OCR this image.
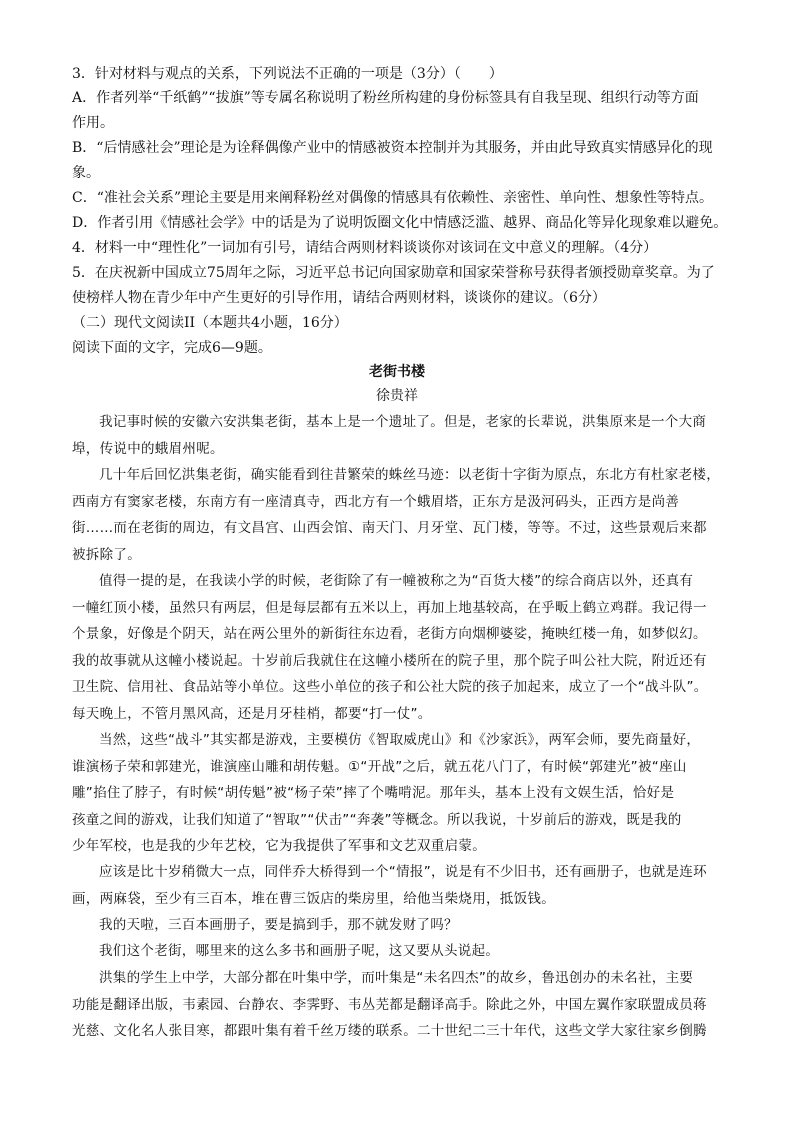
3．针对材料与观点的关系，下列说法不正确的一项是（3分）（　　）

A．作者列举“千纸鹤”“拔旗”等专属名称说明了粉丝所构建的身份标签具有自我呈现、组织行动等方面
作用。

B．“后情感社会”理论是为诠释偶像产业中的情感被资本控制并为其服务，并由此导致真实情感异化的现
象。

C．“准社会关系”理论主要是用来阐释粉丝对偶像的情感具有依赖性、亲密性、单向性、想象性等特点。

D．作者引用《情感社会学》中的话是为了说明饭圈文化中情感泛滥、越界、商品化等异化现象难以避免。

4．材料一中“理性化”一词加有引号，请结合两则材料谈谈你对该词在文中意义的理解。（4分）

5．在庆祝新中国成立75周年之际，习近平总书记向国家勋章和国家荣誉称号获得者颁授勋章奖章。为了
使榜样人物在青少年中产生更好的引导作用，请结合两则材料，谈谈你的建议。（6分）

（二）现代文阅读II（本题共4小题，16分）

阅读下面的文字，完成6—9题。

老街书楼

徐贵祥

我记事时候的安徽六安洪集老街，基本上是一个遗址了。但是，老家的长辈说，洪集原来是一个大商
埠，传说中的蛾眉州呢。
几十年后回忆洪集老街，确实能看到往昔繁荣的蛛丝马迹：以老街十字街为原点，东北方有杜家老楼，
西南方有窦家老楼，东南方有一座清真寺，西北方有一个蛾眉塔，正东方是汲河码头，正西方是尚善
街……而在老街的周边，有文昌宫、山西会馆、南天门、月牙堂、瓦门楼，等等。不过，这些景观后来都
被拆除了。
值得一提的是，在我读小学的时候，老街除了有一幢被称之为“百货大楼”的综合商店以外，还真有
一幢红顶小楼，虽然只有两层，但是每层都有五米以上，再加上地基较高，在乎畈上鹤立鸡群。我记得一
个景象，好像是个阴天，站在两公里外的新街往东边看，老街方向烟柳婆娑，掩映红楼一角，如梦似幻。
我的故事就从这幢小楼说起。十岁前后我就住在这幢小楼所在的院子里，那个院子叫公社大院，附近还有
卫生院、信用社、食品站等小单位。这些小单位的孩子和公社大院的孩子加起来，成立了一个“战斗队”。
每天晚上，不管月黑风高，还是月牙桂梢，都要“打一仗”。
当然，这些“战斗”其实都是游戏，主要模仿《智取威虎山》和《沙家浜》，两军会师，要先商量好，
谁演杨子荣和郭建光，谁演座山雕和胡传魁。①“开战”之后，就五花八门了，有时候“郭建光”被“座山
雕”掐住了脖子，有时候“胡传魁”被“杨子荣”摔了个嘴啃泥。那年头，基本上没有文娱生活，恰好是
孩童之间的游戏，让我们知道了“智取”“伏击”“奔袭”等概念。所以我说，十岁前后的游戏，既是我的
少年军校，也是我的少年艺校，它为我提供了军事和文艺双重启蒙。
应该是比十岁稍微大一点，同伴乔大桥得到一个“情报”，说是有不少旧书，还有画册子，也就是连环
画，两麻袋，至少有三百本，堆在曹三饭店的柴房里，给他当柴烧用，抵饭钱。
我的天啦，三百本画册子，要是搞到手，那不就发财了吗？
我们这个老街，哪里来的这么多书和画册子呢，这又要从头说起。
洪集的学生上中学，大部分都在叶集中学，而叶集是“未名四杰”的故乡，鲁迅创办的未名社，主要
功能是翻译出版，韦素园、台静农、李霁野、韦丛芜都是翻译高手。除此之外，中国左翼作家联盟成员蒋
光慈、文化名人张目寒，都跟叶集有着千丝万缕的联系。二十世纪二三十年代，这些文学大家往家乡倒腾
